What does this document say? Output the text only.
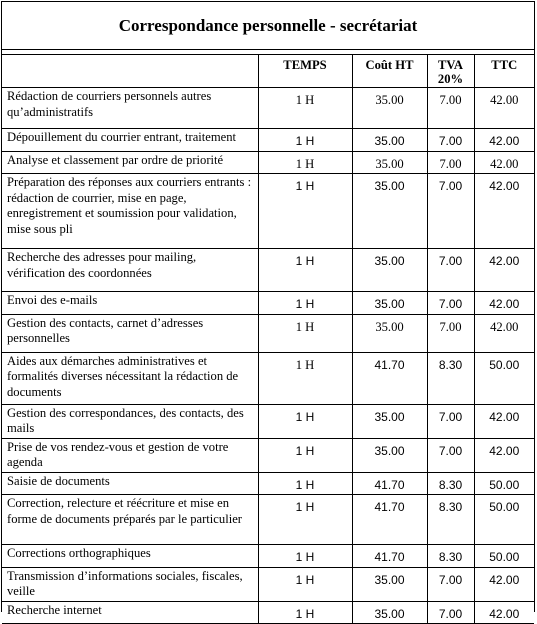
Correspondance personnelle - secrétariat
	TEMPS	Coût HT	TVA 20%	TTC
Rédaction de courriers personnels autres qu’administratifs	1 H	35.00	7.00	42.00
Dépouillement du courrier entrant, traitement	1 H	35.00	7.00	42.00
Analyse et classement par ordre de priorité	1 H	35.00	7.00	42.00
Préparation des réponses aux courriers entrants : rédaction de courrier, mise en page, enregistrement et soumission pour validation, mise sous pli	1 H	35.00	7.00	42.00
Recherche des adresses pour mailing, vérification des coordonnées	1 H	35.00	7.00	42.00
Envoi des e-mails	1 H	35.00	7.00	42.00
Gestion des contacts, carnet d’adresses personnelles	1 H	35.00	7.00	42.00
Aides aux démarches administratives et formalités diverses nécessitant la rédaction de documents	1 H	41.70	8.30	50.00
Gestion des correspondances, des contacts, des mails	1 H	35.00	7.00	42.00
Prise de vos rendez-vous et gestion de votre agenda	1 H	35.00	7.00	42.00
Saisie de documents	1 H	41.70	8.30	50.00
Correction, relecture et réécriture et mise en forme de documents préparés par le particulier	1 H	41.70	8.30	50.00
Corrections orthographiques	1 H	41.70	8.30	50.00
Transmission d’informations sociales, fiscales, veille	1 H	35.00	7.00	42.00
Recherche internet	1 H	35.00	7.00	42.00
